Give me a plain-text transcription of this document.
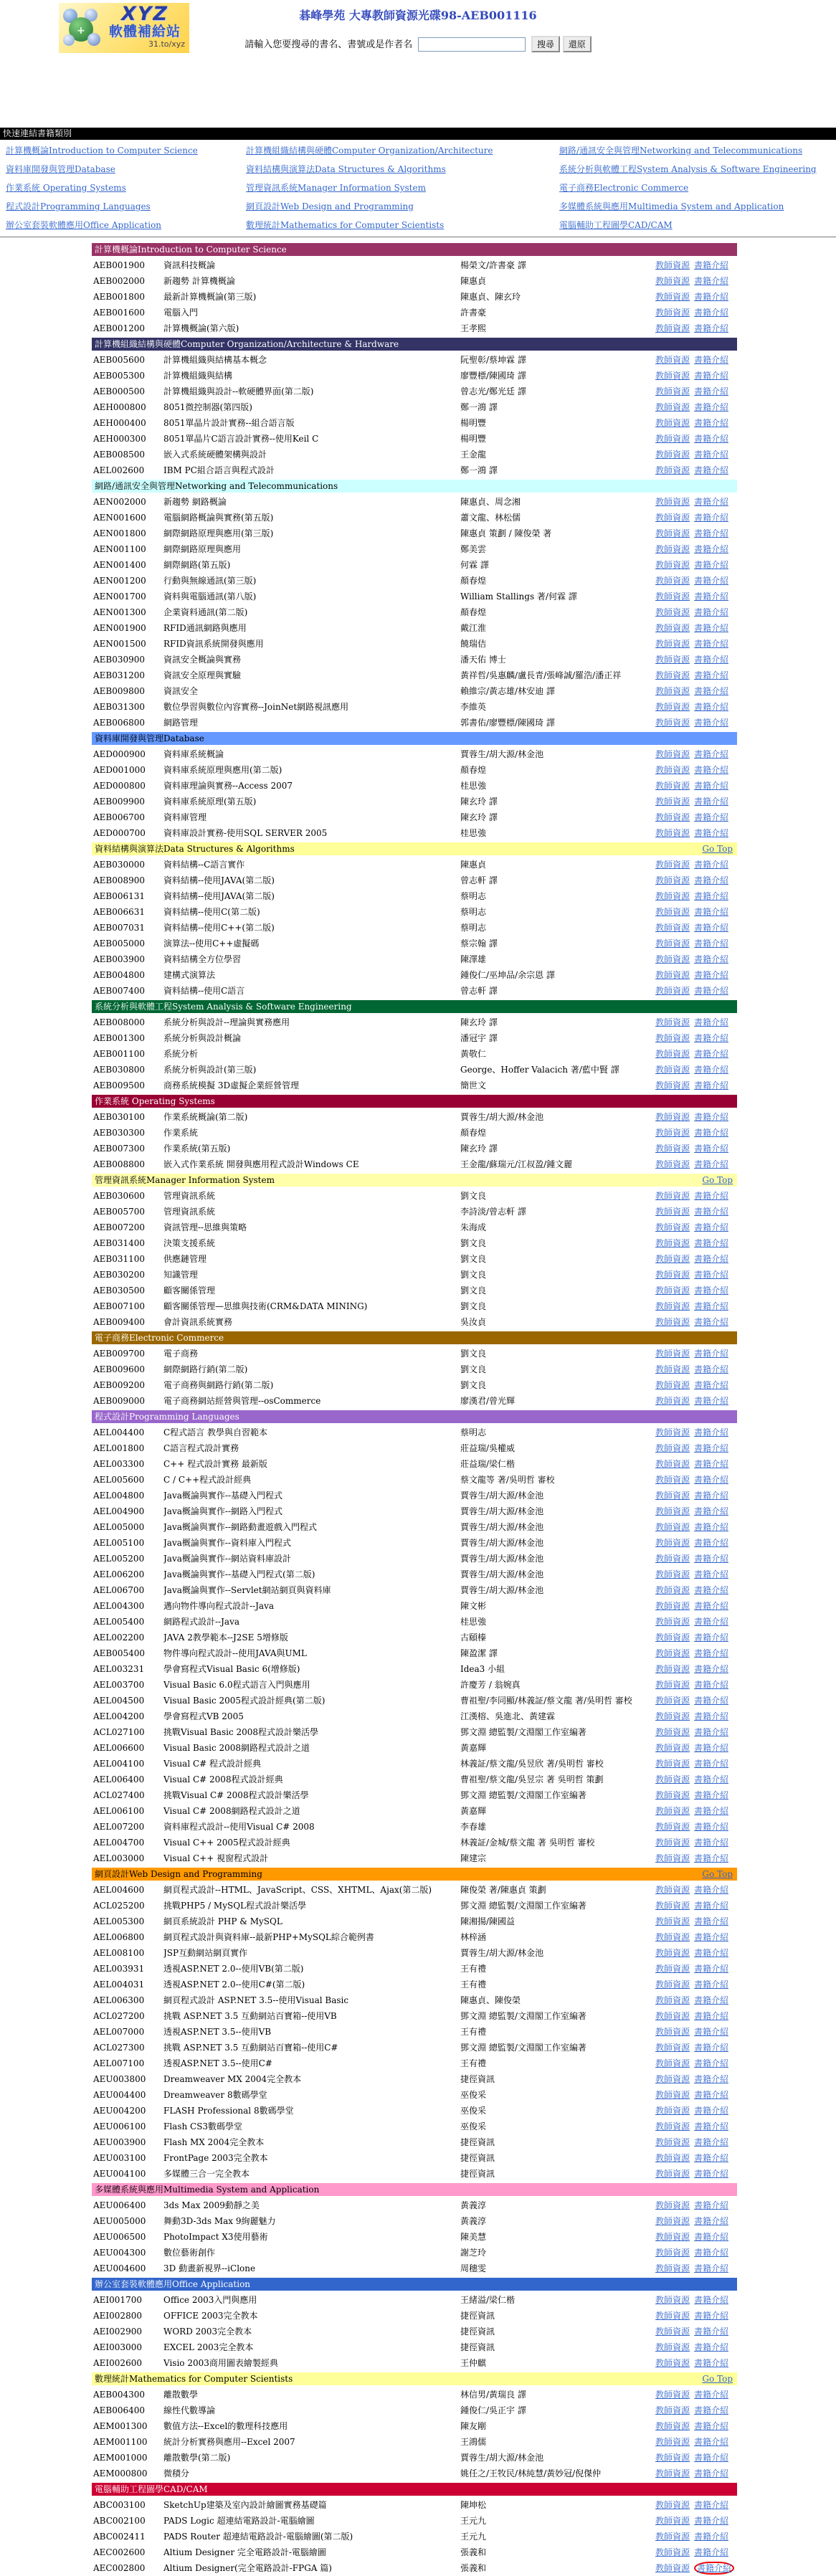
+
XYZ
軟體補給站
31.to/xyz
碁峰學苑 大專教師資源光碟98-AEB001116
請輸入您要搜尋的書名、書號或是作者名	搜尋 還原
快速連結書籍類別
計算機概論Introduction to Computer Science	計算機組織結構與硬體Computer Organization/Architecture	網路/通訊安全與管理Networking and Telecommunications
資料庫開發與管理Database	資料結構與演算法Data Structures & Algorithms	系統分析與軟體工程System Analysis & Software Engineering
作業系統 Operating Systems	管理資訊系統Manager Information System	電子商務Electronic Commerce
程式設計Programming Languages	網頁設計Web Design and Programming	多媒體系統與應用Multimedia System and Application
辦公室套裝軟體應用Office Application	數理統計Mathematics for Computer Scientists	電腦輔助工程圖學CAD/CAM
計算機概論Introduction to Computer Science
AEB001900	資訊科技概論	楊榮文/許書豪 譯	教師資源 書籍介紹
AEB002000	新趨勢 計算機概論	陳惠貞	教師資源 書籍介紹
AEB001800	最新計算機概論(第三版)	陳惠貞、陳玄玲	教師資源 書籍介紹
AEB001600	電腦入門	許書豪	教師資源 書籍介紹
AEB001200	計算機概論(第六版)	王孝熙	教師資源 書籍介紹
計算機組織結構與硬體Computer Organization/Architecture & Hardware
AEB005600	計算機組織與結構基本概念	阮聖彰/蔡坤霖 譯	教師資源 書籍介紹
AEB005300	計算機組織與結構	廖豐標/陳國琦 譯	教師資源 書籍介紹
AEB000500	計算機組織與設計--軟硬體界面(第二版)	曾志光/鄭光廷 譯	教師資源 書籍介紹
AEH000800	8051微控制器(第四版)	鄭一鴻 譯	教師資源 書籍介紹
AEH000400	8051單晶片設計實務--組合語言版	楊明豐	教師資源 書籍介紹
AEH000300	8051單晶片C語言設計實務--使用Keil C	楊明豐	教師資源 書籍介紹
AEB008500	嵌入式系統硬體架構與設計	王金龍	教師資源 書籍介紹
AEL002600	IBM PC組合語言與程式設計	鄭一鴻 譯	教師資源 書籍介紹
網路/通訊安全與管理Networking and Telecommunications
AEN002000	新趨勢 網路概論	陳惠貞、周念湘	教師資源 書籍介紹
AEN001600	電腦網路概論與實務(第五版)	蕭文龍、林松儒	教師資源 書籍介紹
AEN001800	網際網路原理與應用(第三版)	陳惠貞 策劃 / 陳俊榮 著	教師資源 書籍介紹
AEN001100	網際網路原理與應用	鄭美雲	教師資源 書籍介紹
AEN001400	網際網路(第五版)	何霖 譯	教師資源 書籍介紹
AEN001200	行動與無線通訊(第三版)	顏春煌	教師資源 書籍介紹
AEN001700	資料與電腦通訊(第八版)	William Stallings 著/何霖 譯	教師資源 書籍介紹
AEN001300	企業資料通訊(第二版)	顏春煌	教師資源 書籍介紹
AEN001900	RFID通訊網路與應用	戴江淮	教師資源 書籍介紹
AEN001500	RFID資訊系統開發與應用	饒瑞佶	教師資源 書籍介紹
AEB030900	資訊安全概論與實務	潘天佑 博士	教師資源 書籍介紹
AEB031200	資訊安全原理與實驗	黃祥哲/吳惠麟/盧長青/張峰誠/羅浩/潘正祥	教師資源 書籍介紹
AEB009800	資訊安全	賴維宗/黃志雄/林安迪 譯	教師資源 書籍介紹
AEB031300	數位學習與數位內容實務--JoinNet網路視訊應用	李維英	教師資源 書籍介紹
AEB006800	網路管理	郭書佑/廖豐標/陳國琦 譯	教師資源 書籍介紹
資料庫開發與管理Database
AED000900	資料庫系統概論	賈蓉生/胡大源/林金池	教師資源 書籍介紹
AED001000	資料庫系統原理與應用(第二版)	顏春煌	教師資源 書籍介紹
AED000800	資料庫理論與實務--Access 2007	桂思強	教師資源 書籍介紹
AEB009900	資料庫系統原理(第五版)	陳玄玲 譯	教師資源 書籍介紹
AEB006700	資料庫管理	陳玄玲 譯	教師資源 書籍介紹
AED000700	資料庫設計實務-使用SQL SERVER 2005	桂思強	教師資源 書籍介紹
資料結構與演算法Data Structures & Algorithms	Go Top
AEB030000	資料結構--C語言實作	陳惠貞	教師資源 書籍介紹
AEB008900	資料結構--使用JAVA(第二版)	曾志軒 譯	教師資源 書籍介紹
AEB006131	資料結構--使用JAVA(第二版)	蔡明志	教師資源 書籍介紹
AEB006631	資料結構--使用C(第二版)	蔡明志	教師資源 書籍介紹
AEB007031	資料結構--使用C++(第二版)	蔡明志	教師資源 書籍介紹
AEB005000	演算法--使用C++虛擬碼	蔡宗翰 譯	教師資源 書籍介紹
AEB003900	資料結構全方位學習	陳澤雄	教師資源 書籍介紹
AEB004800	建構式演算法	鍾俊仁/巫坤品/余宗恩 譯	教師資源 書籍介紹
AEB007400	資料結構--使用C語言	曾志軒 譯	教師資源 書籍介紹
系統分析與軟體工程System Analysis & Software Engineering
AEB008000	系統分析與設計--理論與實務應用	陳玄玲 譯	教師資源 書籍介紹
AEB001300	系統分析與設計概論	潘冠宇 譯	教師資源 書籍介紹
AEB001100	系統分析	黃敬仁	教師資源 書籍介紹
AEB030800	系統分析與設計(第三版)	George、Hoffer Valacich 著/藍中賢 譯	教師資源 書籍介紹
AEB009500	商務系統模擬 3D虛擬企業經營管理	簡世文	教師資源 書籍介紹
作業系統 Operating Systems
AEB030100	作業系統概論(第二版)	賈蓉生/胡大源/林金池	教師資源 書籍介紹
AEB030300	作業系統	顏春煌	教師資源 書籍介紹
AEB007300	作業系統(第五版)	陳玄玲 譯	教師資源 書籍介紹
AEB008800	嵌入式作業系統 開發與應用程式設計Windows CE	王金龍/蘇瑞元/江叔盈/鍾文麗	教師資源 書籍介紹
管理資訊系統Manager Information System	Go Top
AEB030600	管理資訊系統	劉文良	教師資源 書籍介紹
AEB005700	管理資訊系統	李詩淡/曾志軒 譯	教師資源 書籍介紹
AEB007200	資訊管理--思維與策略	朱海成	教師資源 書籍介紹
AEB031400	決策支援系統	劉文良	教師資源 書籍介紹
AEB031100	供應鏈管理	劉文良	教師資源 書籍介紹
AEB030200	知識管理	劉文良	教師資源 書籍介紹
AEB030500	顧客關係管理	劉文良	教師資源 書籍介紹
AEB007100	顧客關係管理—思維與技術(CRM&DATA MINING)	劉文良	教師資源 書籍介紹
AEB009400	會計資訊系統實務	吳汝貞	教師資源 書籍介紹
電子商務Electronic Commerce
AEB009700	電子商務	劉文良	教師資源 書籍介紹
AEB009600	網際網路行銷(第二版)	劉文良	教師資源 書籍介紹
AEB009200	電子商務與網路行銷(第二版)	劉文良	教師資源 書籍介紹
AEB009000	電子商務網站經營與管理--osCommerce	廖漢君/曾光輝	教師資源 書籍介紹
程式設計Programming Languages
AEL004400	C程式語言 教學與自習範本	蔡明志	教師資源 書籍介紹
AEL001800	C語言程式設計實務	莊益瑞/吳權威	教師資源 書籍介紹
AEL003300	C++ 程式設計實務 最新版	莊益瑞/梁仁楷	教師資源 書籍介紹
AEL005600	C / C++程式設計經典	蔡文龍等 著/吳明哲 審校	教師資源 書籍介紹
AEL004800	Java概論與實作--基礎入門程式	賈蓉生/胡大源/林金池	教師資源 書籍介紹
AEL004900	Java概論與實作--網路入門程式	賈蓉生/胡大源/林金池	教師資源 書籍介紹
AEL005000	Java概論與實作--網路動畫遊戲入門程式	賈蓉生/胡大源/林金池	教師資源 書籍介紹
AEL005100	Java概論與實作--資料庫入門程式	賈蓉生/胡大源/林金池	教師資源 書籍介紹
AEL005200	Java概論與實作--網站資料庫設計	賈蓉生/胡大源/林金池	教師資源 書籍介紹
AEL006200	Java概論與實作--基礎入門程式(第二版)	賈蓉生/胡大源/林金池	教師資源 書籍介紹
AEL006700	Java概論與實作--Servlet網站網頁與資料庫	賈蓉生/胡大源/林金池	教師資源 書籍介紹
AEL004300	邁向物件導向程式設計--Java	陳文彬	教師資源 書籍介紹
AEL005400	網路程式設計--Java	桂思強	教師資源 書籍介紹
AEL002200	JAVA 2教學範本--J2SE 5增修版	古頤榛	教師資源 書籍介紹
AEB005400	物件導向程式設計--使用JAVA與UML	陳盈潔 譯	教師資源 書籍介紹
AEL003231	學會寫程式Visual Basic 6(增修版)	Idea3 小組	教師資源 書籍介紹
AEL003700	Visual Basic 6.0程式語言入門與應用	許慶芳 / 翁婉真	教師資源 書籍介紹
AEL004500	Visual Basic 2005程式設計經典(第二版)	曹祖聖/李同顯/林義証/蔡文龍 著/吳明哲 審校	教師資源 書籍介紹
AEL004200	學會寫程式VB 2005	江漢榕、吳進北、黃建霖	教師資源 書籍介紹
ACL027100	挑戰Visual Basic 2008程式設計樂活學	鄧文淵 總監製/文淵閣工作室編著	教師資源 書籍介紹
AEL006600	Visual Basic 2008網路程式設計之道	黃嘉輝	教師資源 書籍介紹
AEL004100	Visual C# 程式設計經典	林義証/蔡文龍/吳昱欣 著/吳明哲 審校	教師資源 書籍介紹
AEL006400	Visual C# 2008程式設計經典	曹祖聖/蔡文龍/吳昱宗 著 吳明哲 策劃	教師資源 書籍介紹
ACL027400	挑戰Visual C# 2008程式設計樂活學	鄧文淵 總監製/文淵閣工作室編著	教師資源 書籍介紹
AEL006100	Visual C# 2008網路程式設計之道	黃嘉輝	教師資源 書籍介紹
AEL007200	資料庫程式設計--使用Visual C# 2008	李春雄	教師資源 書籍介紹
AEL004700	Visual C++ 2005程式設計經典	林義証/金城/蔡文龍 著 吳明哲 審校	教師資源 書籍介紹
AEL003000	Visual C++ 視窗程式設計	陳建宗	教師資源 書籍介紹
網頁設計Web Design and Programming	Go Top
AEL004600	網頁程式設計--HTML、JavaScript、CSS、XHTML、Ajax(第二版)	陳俊榮 著/陳惠貞 策劃	教師資源 書籍介紹
ACL025200	挑戰PHP5 / MySQL程式設計樂活學	鄧文淵 總監製/文淵閣工作室編著	教師資源 書籍介紹
AEL005300	網頁系統設計 PHP & MySQL	陳湘揚/陳國益	教師資源 書籍介紹
AEL006800	網頁程式設計與資料庫--最新PHP+MySQL綜合範例書	林梓涵	教師資源 書籍介紹
AEL008100	JSP互動網站網頁實作	賈蓉生/胡大源/林金池	教師資源 書籍介紹
AEL003931	透視ASP.NET 2.0--使用VB(第二版)	王有禮	教師資源 書籍介紹
AEL004031	透視ASP.NET 2.0--使用C#(第二版)	王有禮	教師資源 書籍介紹
AEL006300	網頁程式設計 ASP.NET 3.5--使用Visual Basic	陳惠貞、陳俊榮	教師資源 書籍介紹
ACL027200	挑戰 ASP.NET 3.5 互動網站百寶箱--使用VB	鄧文淵 總監製/文淵閣工作室編著	教師資源 書籍介紹
AEL007000	透視ASP.NET 3.5--使用VB	王有禮	教師資源 書籍介紹
ACL027300	挑戰 ASP.NET 3.5 互動網站百寶箱--使用C#	鄧文淵 總監製/文淵閣工作室編著	教師資源 書籍介紹
AEL007100	透視ASP.NET 3.5--使用C#	王有禮	教師資源 書籍介紹
AEU003800	Dreamweaver MX 2004完全教本	捷徑資訊	教師資源 書籍介紹
AEU004400	Dreamweaver 8數碼學堂	巫俊采	教師資源 書籍介紹
AEU004200	FLASH Professional 8數碼學堂	巫俊采	教師資源 書籍介紹
AEU006100	Flash CS3數碼學堂	巫俊采	教師資源 書籍介紹
AEU003900	Flash MX 2004完全教本	捷徑資訊	教師資源 書籍介紹
AEU003100	FrontPage 2003完全教本	捷徑資訊	教師資源 書籍介紹
AEU004100	多媒體三合一完全教本	捷徑資訊	教師資源 書籍介紹
多媒體系統與應用Multimedia System and Application
AEU006400	3ds Max 2009動靜之美	黃義淳	教師資源 書籍介紹
AEU005000	舞動3D-3ds Max 9絢麗魅力	黃義淳	教師資源 書籍介紹
AEU006500	PhotoImpact X3使用藝術	陳美慧	教師資源 書籍介紹
AEU004300	數位藝術創作	謝芝玲	教師資源 書籍介紹
AEU004600	3D 動畫新視界--iClone	周穗雯	教師資源 書籍介紹
辦公室套裝軟體應用Office Application
AEI001700	Office 2003入門與應用	王緒溢/梁仁楷	教師資源 書籍介紹
AEI002800	OFFICE 2003完全教本	捷徑資訊	教師資源 書籍介紹
AEI002900	WORD 2003完全教本	捷徑資訊	教師資源 書籍介紹
AEI003000	EXCEL 2003完全教本	捷徑資訊	教師資源 書籍介紹
AEI002600	Visio 2003商用圖表繪製經典	王仲麒	教師資源 書籍介紹
數理統計Mathematics for Computer Scientists	Go Top
AEB004300	離散數學	林信男/黃瑞良 譯	教師資源 書籍介紹
AEB006400	線性代數導論	鍾俊仁/吳正宇 譯	教師資源 書籍介紹
AEM001300	數值方法--Excel的數理科技應用	陳友剛	教師資源 書籍介紹
AEM001100	統計分析實務與應用--Excel 2007	王鴻儒	教師資源 書籍介紹
AEM001000	離散數學(第二版)	賈蓉生/胡大源/林金池	教師資源 書籍介紹
AEM000800	微積分	姚任之/王牧民/林純慧/黃妙冠/倪傑仲	教師資源 書籍介紹
電腦輔助工程圖學CAD/CAM
ABC003100	SketchUp建築及室內設計繪圖實務基礎篇	陳坤松	教師資源 書籍介紹
ABC002100	PADS Logic 超連結電路設計-電腦繪圖	王元九	教師資源 書籍介紹
ABC002411	PADS Router 超連結電路設計-電腦繪圖(第二版)	王元九	教師資源 書籍介紹
AEC002600	Altium Designer 完全電路設計-電腦繪圖	張義和	教師資源 書籍介紹
AEC002800	Altium Designer(完全電路設計-FPGA 篇)	張義和	教師資源 書籍介紹
